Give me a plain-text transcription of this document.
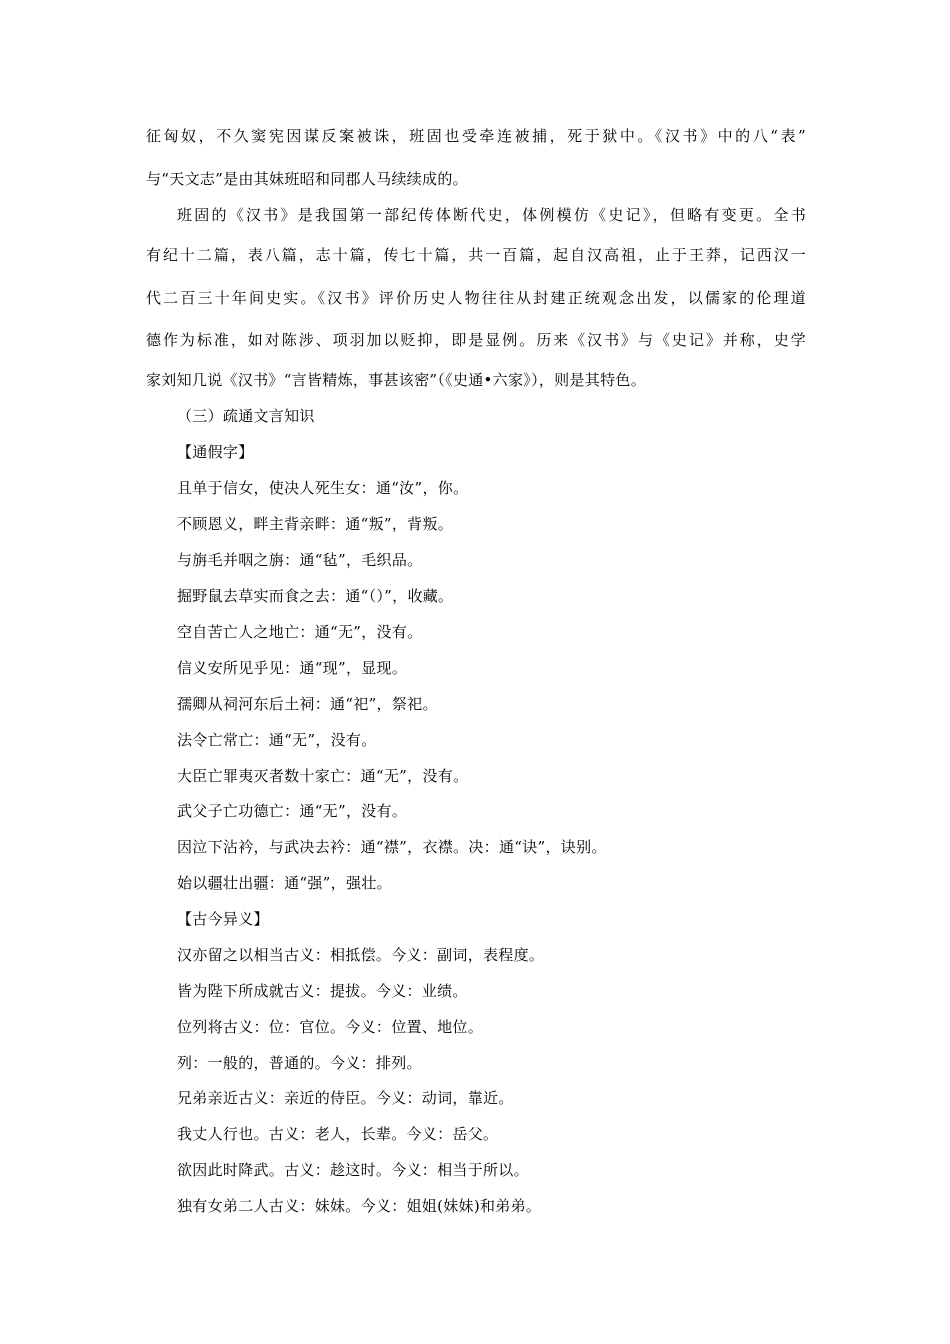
征匈奴，不久窦宪因谋反案被诛，班固也受牵连被捕，死于狱中。《汉书》中的八“表”
与“天文志”是由其妹班昭和同郡人马续续成的。
班固的《汉书》是我国第一部纪传体断代史，体例模仿《史记》，但略有变更。全书
有纪十二篇，表八篇，志十篇，传七十篇，共一百篇，起自汉高祖，止于王莽，记西汉一
代二百三十年间史实。《汉书》评价历史人物往往从封建正统观念出发，以儒家的伦理道
德作为标准，如对陈涉、项羽加以贬抑，即是显例。历来《汉书》与《史记》并称，史学
家刘知几说《汉书》“言皆精炼，事甚该密”（《史通•六家》），则是其特色。
（三）疏通文言知识
【通假字】
且单于信女，使决人死生女：通“汝”，你。
不顾恩义，畔主背亲畔：通“叛”，背叛。
与旃毛并咽之旃：通“毡”，毛织品。
掘野鼠去草实而食之去：通“（）”，收藏。
空自苦亡人之地亡：通“无”，没有。
信义安所见乎见：通“现”，显现。
孺卿从祠河东后土祠：通“祀”，祭祀。
法令亡常亡：通“无”，没有。
大臣亡罪夷灭者数十家亡：通“无”，没有。
武父子亡功德亡：通“无”，没有。
因泣下沾衿，与武决去衿：通“襟”，衣襟。决：通“诀”，诀别。
始以疆壮出疆：通“强”，强壮。
【古今异义】
汉亦留之以相当古义：相抵偿。今义：副词，表程度。
皆为陛下所成就古义：提拔。今义：业绩。
位列将古义：位：官位。今义：位置、地位。
列：一般的，普通的。今义：排列。
兄弟亲近古义：亲近的侍臣。今义：动词，靠近。
我丈人行也。古义：老人，长辈。今义：岳父。
欲因此时降武。古义：趁这时。今义：相当于所以。
独有女弟二人古义：妹妹。今义：姐姐(妹妹)和弟弟。
